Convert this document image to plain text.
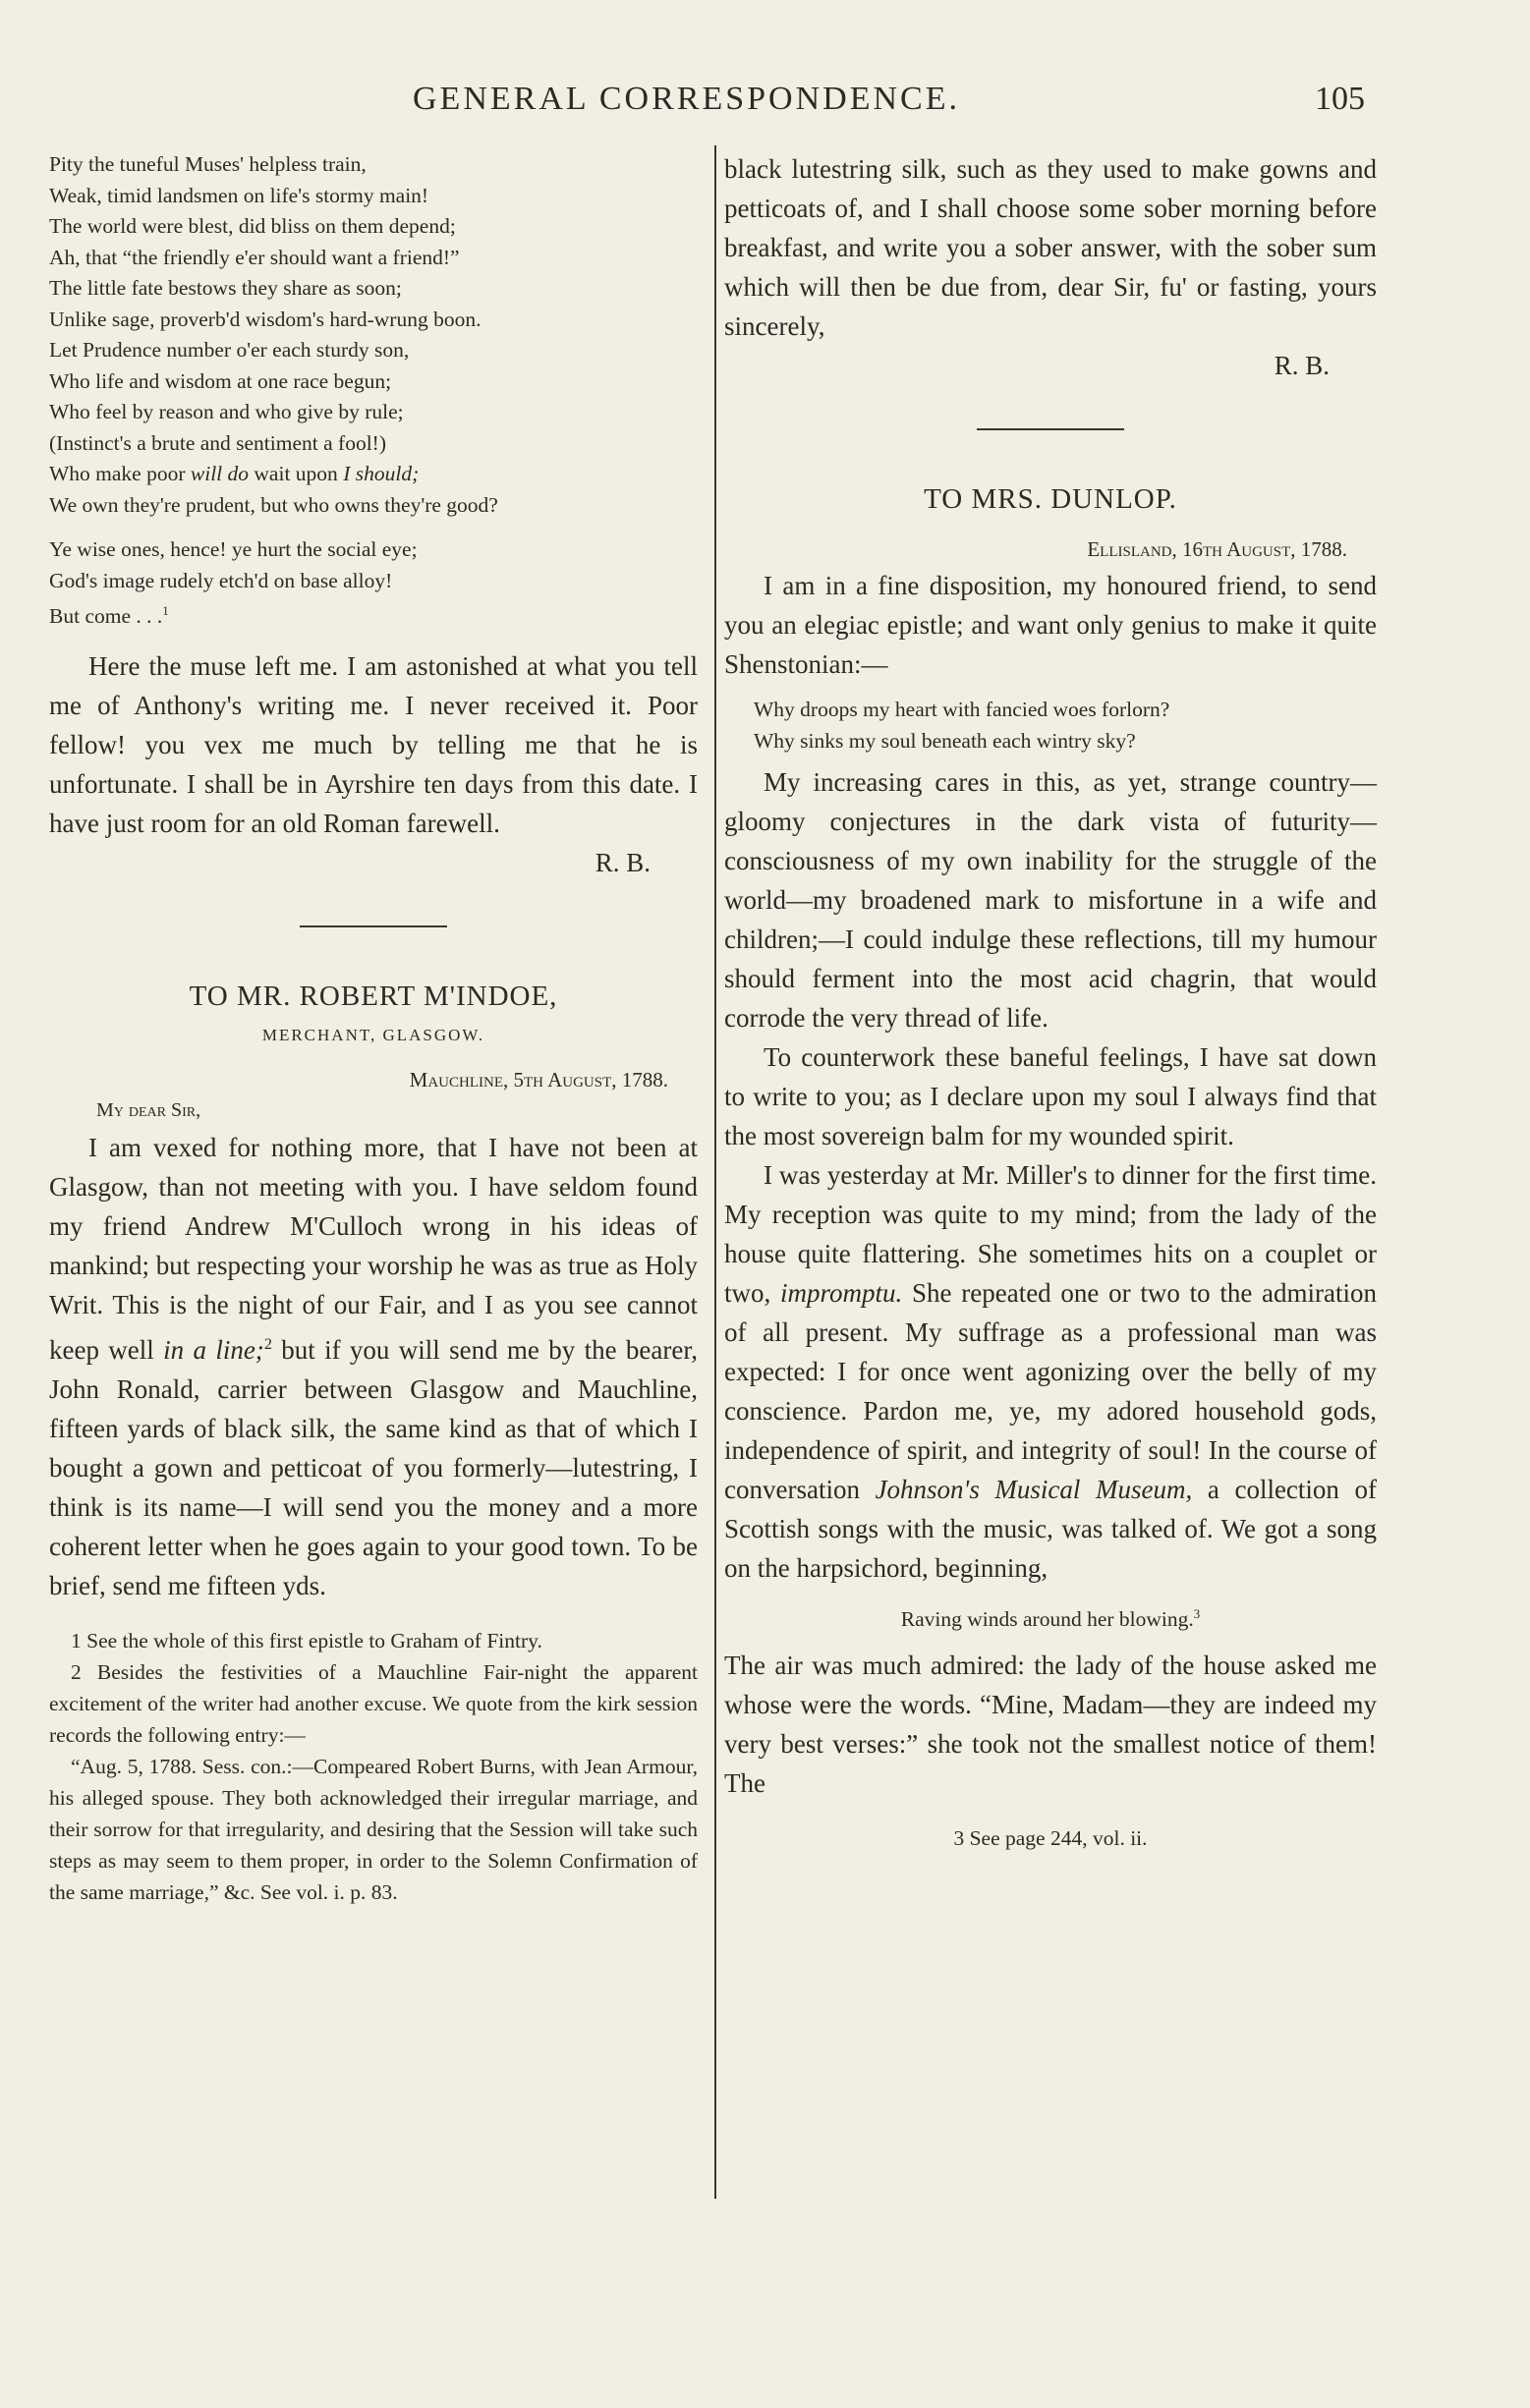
GENERAL CORRESPONDENCE.	105
Pity the tuneful Muses' helpless train,
Weak, timid landsmen on life's stormy main!
The world were blest, did bliss on them depend;
Ah, that “the friendly e'er should want a friend!”
The little fate bestows they share as soon;
Unlike sage, proverb'd wisdom's hard-wrung boon.
Let Prudence number o'er each sturdy son,
Who life and wisdom at one race begun;
Who feel by reason and who give by rule;
(Instinct's a brute and sentiment a fool!)
Who make poor will do wait upon I should;
We own they're prudent, but who owns they're good?
Ye wise ones, hence! ye hurt the social eye;
God's image rudely etch'd on base alloy!
But come . . .$^1$

Here the muse left me. I am astonished at what you tell me of Anthony's writing me. I never received it. Poor fellow! you vex me much by telling me that he is unfortunate. I shall be in Ayrshire ten days from this date. I have just room for an old Roman farewell.

R. B.
TO MR. ROBERT M'INDOE,
MERCHANT, GLASGOW.
Mauchline, 5th August, 1788.
My dear Sir,

I am vexed for nothing more, that I have not been at Glasgow, than not meeting with you. I have seldom found my friend Andrew M'Culloch wrong in his ideas of mankind; but respecting your worship he was as true as Holy Writ. This is the night of our Fair, and I as you see cannot keep well in a line;$^2$ but if you will send me by the bearer, John Ronald, carrier between Glasgow and Mauchline, fifteen yards of black silk, the same kind as that of which I bought a gown and petticoat of you formerly—lutestring, I think is its name—I will send you the money and a more coherent letter when he goes again to your good town. To be brief, send me fifteen yds.

1 See the whole of this first epistle to Graham of Fintry.

2 Besides the festivities of a Mauchline Fair-night the apparent excitement of the writer had another excuse. We quote from the kirk session records the following entry:—

“Aug. 5, 1788. Sess. con.:—Compeared Robert Burns, with Jean Armour, his alleged spouse. They both acknowledged their irregular marriage, and their sorrow for that irregularity, and desiring that the Session will take such steps as may seem to them proper, in order to the Solemn Confirmation of the same marriage,” &c. See vol. i. p. 83.

black lutestring silk, such as they used to make gowns and petticoats of, and I shall choose some sober morning before breakfast, and write you a sober answer, with the sober sum which will then be due from, dear Sir, fu' or fasting, yours sincerely,

R. B.
TO MRS. DUNLOP.
Ellisland, 16th August, 1788.

I am in a fine disposition, my honoured friend, to send you an elegiac epistle; and want only genius to make it quite Shenstonian:—

Why droops my heart with fancied woes forlorn?
Why sinks my soul beneath each wintry sky?

My increasing cares in this, as yet, strange country—gloomy conjectures in the dark vista of futurity—consciousness of my own inability for the struggle of the world—my broadened mark to misfortune in a wife and children;—I could indulge these reflections, till my humour should ferment into the most acid chagrin, that would corrode the very thread of life.

To counterwork these baneful feelings, I have sat down to write to you; as I declare upon my soul I always find that the most sovereign balm for my wounded spirit.

I was yesterday at Mr. Miller's to dinner for the first time. My reception was quite to my mind; from the lady of the house quite flattering. She sometimes hits on a couplet or two, impromptu. She repeated one or two to the admiration of all present. My suffrage as a professional man was expected: I for once went agonizing over the belly of my conscience. Pardon me, ye, my adored household gods, independence of spirit, and integrity of soul! In the course of conversation Johnson's Musical Museum, a collection of Scottish songs with the music, was talked of. We got a song on the harpsichord, beginning,

Raving winds around her blowing.$^3$

The air was much admired: the lady of the house asked me whose were the words. “Mine, Madam—they are indeed my very best verses:” she took not the smallest notice of them! The

3 See page 244, vol. ii.
